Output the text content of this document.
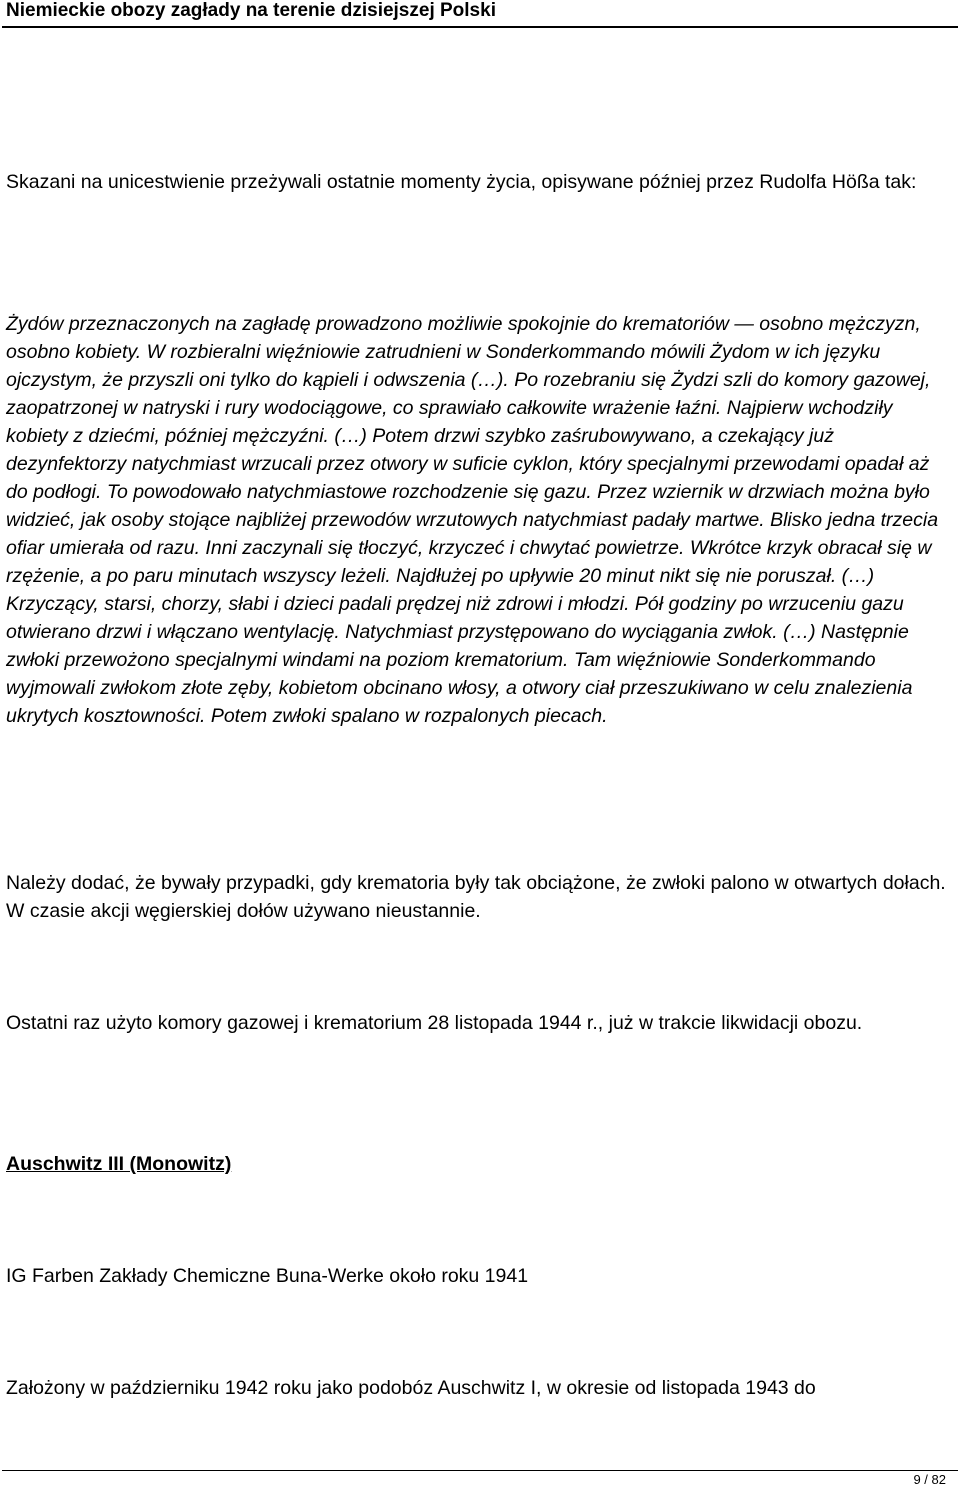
Niemieckie obozy zagłady na terenie dzisiejszej Polski

Skazani na unicestwienie przeżywali ostatnie momenty życia, opisywane później przez Rudolfa Hößa tak:

Żydów przeznaczonych na zagładę prowadzono możliwie spokojnie do krematoriów — osobno mężczyzn, osobno kobiety. W rozbieralni więźniowie zatrudnieni w Sonderkommando mówili Żydom w ich języku ojczystym, że przyszli oni tylko do kąpieli i odwszenia (…). Po rozebraniu się Żydzi szli do komory gazowej, zaopatrzonej w natryski i rury wodociągowe, co sprawiało całkowite wrażenie łaźni. Najpierw wchodziły kobiety z dziećmi, później mężczyźni. (…) Potem drzwi szybko zaśrubowywano, a czekający już dezynfektorzy natychmiast wrzucali przez otwory w suficie cyklon, który specjalnymi przewodami opadał aż do podłogi. To powodowało natychmiastowe rozchodzenie się gazu. Przez wziernik w drzwiach można było widzieć, jak osoby stojące najbliżej przewodów wrzutowych natychmiast padały martwe. Blisko jedna trzecia ofiar umierała od razu. Inni zaczynali się tłoczyć, krzyczeć i chwytać powietrze. Wkrótce krzyk obracał się w rzężenie, a po paru minutach wszyscy leżeli. Najdłużej po upływie 20 minut nikt się nie poruszał. (…) Krzyczący, starsi, chorzy, słabi i dzieci padali prędzej niż zdrowi i młodzi. Pół godziny po wrzuceniu gazu otwierano drzwi i włączano wentylację. Natychmiast przystępowano do wyciągania zwłok. (…) Następnie zwłoki przewożono specjalnymi windami na poziom krematorium. Tam więźniowie Sonderkommando wyjmowali zwłokom złote zęby, kobietom obcinano włosy, a otwory ciał przeszukiwano w celu znalezienia ukrytych kosztowności. Potem zwłoki spalano w rozpalonych piecach.

Należy dodać, że bywały przypadki, gdy krematoria były tak obciążone, że zwłoki palono w otwartych dołach. W czasie akcji węgierskiej dołów używano nieustannie.

Ostatni raz użyto komory gazowej i krematorium 28 listopada 1944 r., już w trakcie likwidacji obozu.

Auschwitz III (Monowitz)

IG Farben Zakłady Chemiczne Buna-Werke około roku 1941

Założony w październiku 1942 roku jako podobóz Auschwitz I, w okresie od listopada 1943 do

9 / 82
